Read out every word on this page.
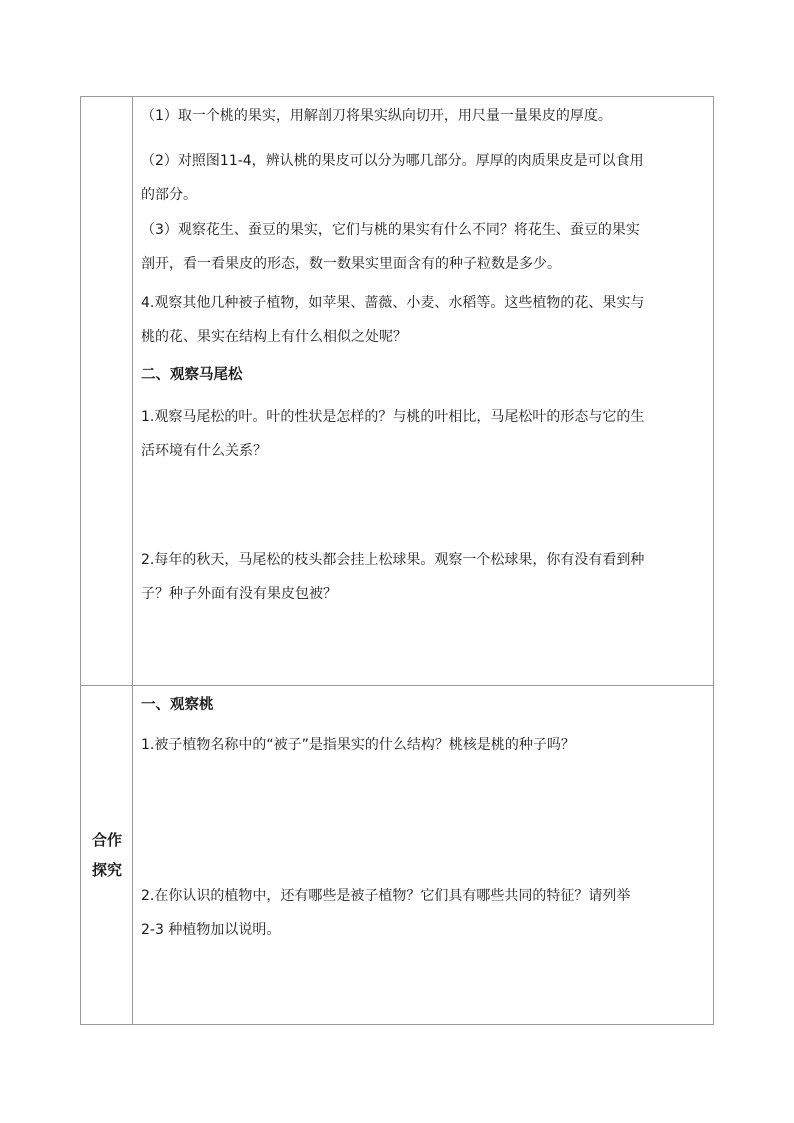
（1）取一个桃的果实，用解剖刀将果实纵向切开，用尺量一量果皮的厚度。
（2）对照图11-4，辨认桃的果皮可以分为哪几部分。厚厚的肉质果皮是可以食用
的部分。
（3）观察花生、蚕豆的果实，它们与桃的果实有什么不同？将花生、蚕豆的果实
剖开，看一看果皮的形态，数一数果实里面含有的种子粒数是多少。
4.观察其他几种被子植物，如苹果、蔷薇、小麦、水稻等。这些植物的花、果实与
桃的花、果实在结构上有什么相似之处呢？
二、观察马尾松
1.观察马尾松的叶。叶的性状是怎样的？与桃的叶相比，马尾松叶的形态与它的生
活环境有什么关系？
2.每年的秋天，马尾松的枝头都会挂上松球果。观察一个松球果，你有没有看到种
子？种子外面有没有果皮包被？
合作
探究
一、观察桃
1.被子植物名称中的“被子”是指果实的什么结构？桃核是桃的种子吗？
2.在你认识的植物中，还有哪些是被子植物？它们具有哪些共同的特征？请列举
2-3 种植物加以说明。
